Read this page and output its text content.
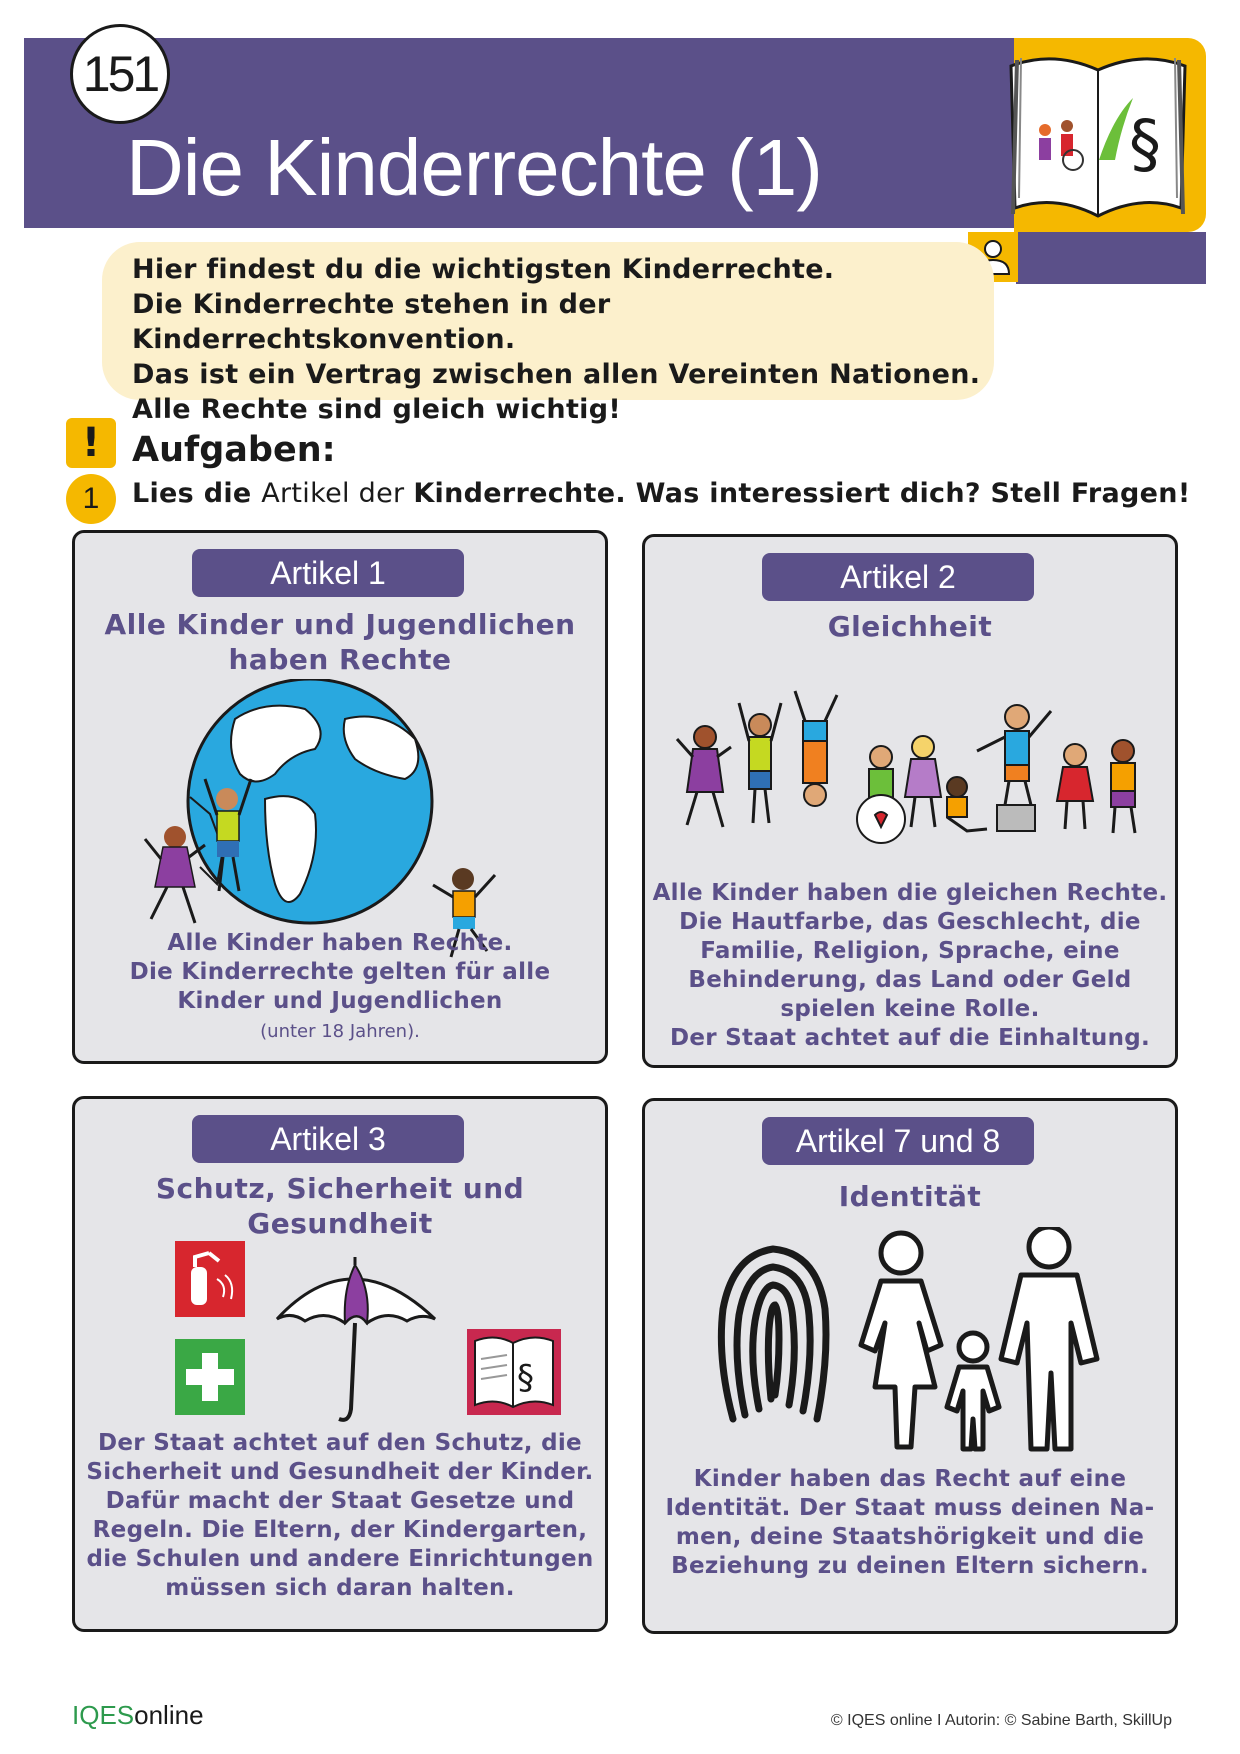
151
Die Kinderrechte (1)	§

Hier findest du die wichtigsten Kinderrechte.

Die Kinderrechte stehen in der Kinderrechtskonvention.

Das ist ein Vertrag zwischen allen Vereinten Nationen.

Alle Rechte sind gleich wichtig!

! Aufgaben:
1	Lies die Artikel der Kinderrechte. Was interessiert dich? Stell Fragen!
Artikel 1
Alle Kinder und Jugendlichen
haben Rechte
Alle Kinder haben Rechte.
Die Kinderrechte gelten für alle
Kinder und Jugendlichen
(unter 18 Jahren).
Artikel 2
Gleichheit
Alle Kinder haben die gleichen Rechte.
Die Hautfarbe, das Geschlecht, die
Familie, Religion, Sprache, eine
Behinderung, das Land oder Geld
spielen keine Rolle.
Der Staat achtet auf die Einhaltung.
Artikel 3
Schutz, Sicherheit und
Gesundheit
§
Der Staat achtet auf den Schutz, die
Sicherheit und Gesundheit der Kinder.
Dafür macht der Staat Gesetze und
Regeln. Die Eltern, der Kindergarten,
die Schulen und andere Einrichtungen
müssen sich daran halten.
Artikel 7 und 8
Identität
Kinder haben das Recht auf eine
Identität. Der Staat muss deinen Na-
men, deine Staatshörigkeit und die
Beziehung zu deinen Eltern sichern.
IQESonline	© IQES online I Autorin: © Sabine Barth, SkillUp
